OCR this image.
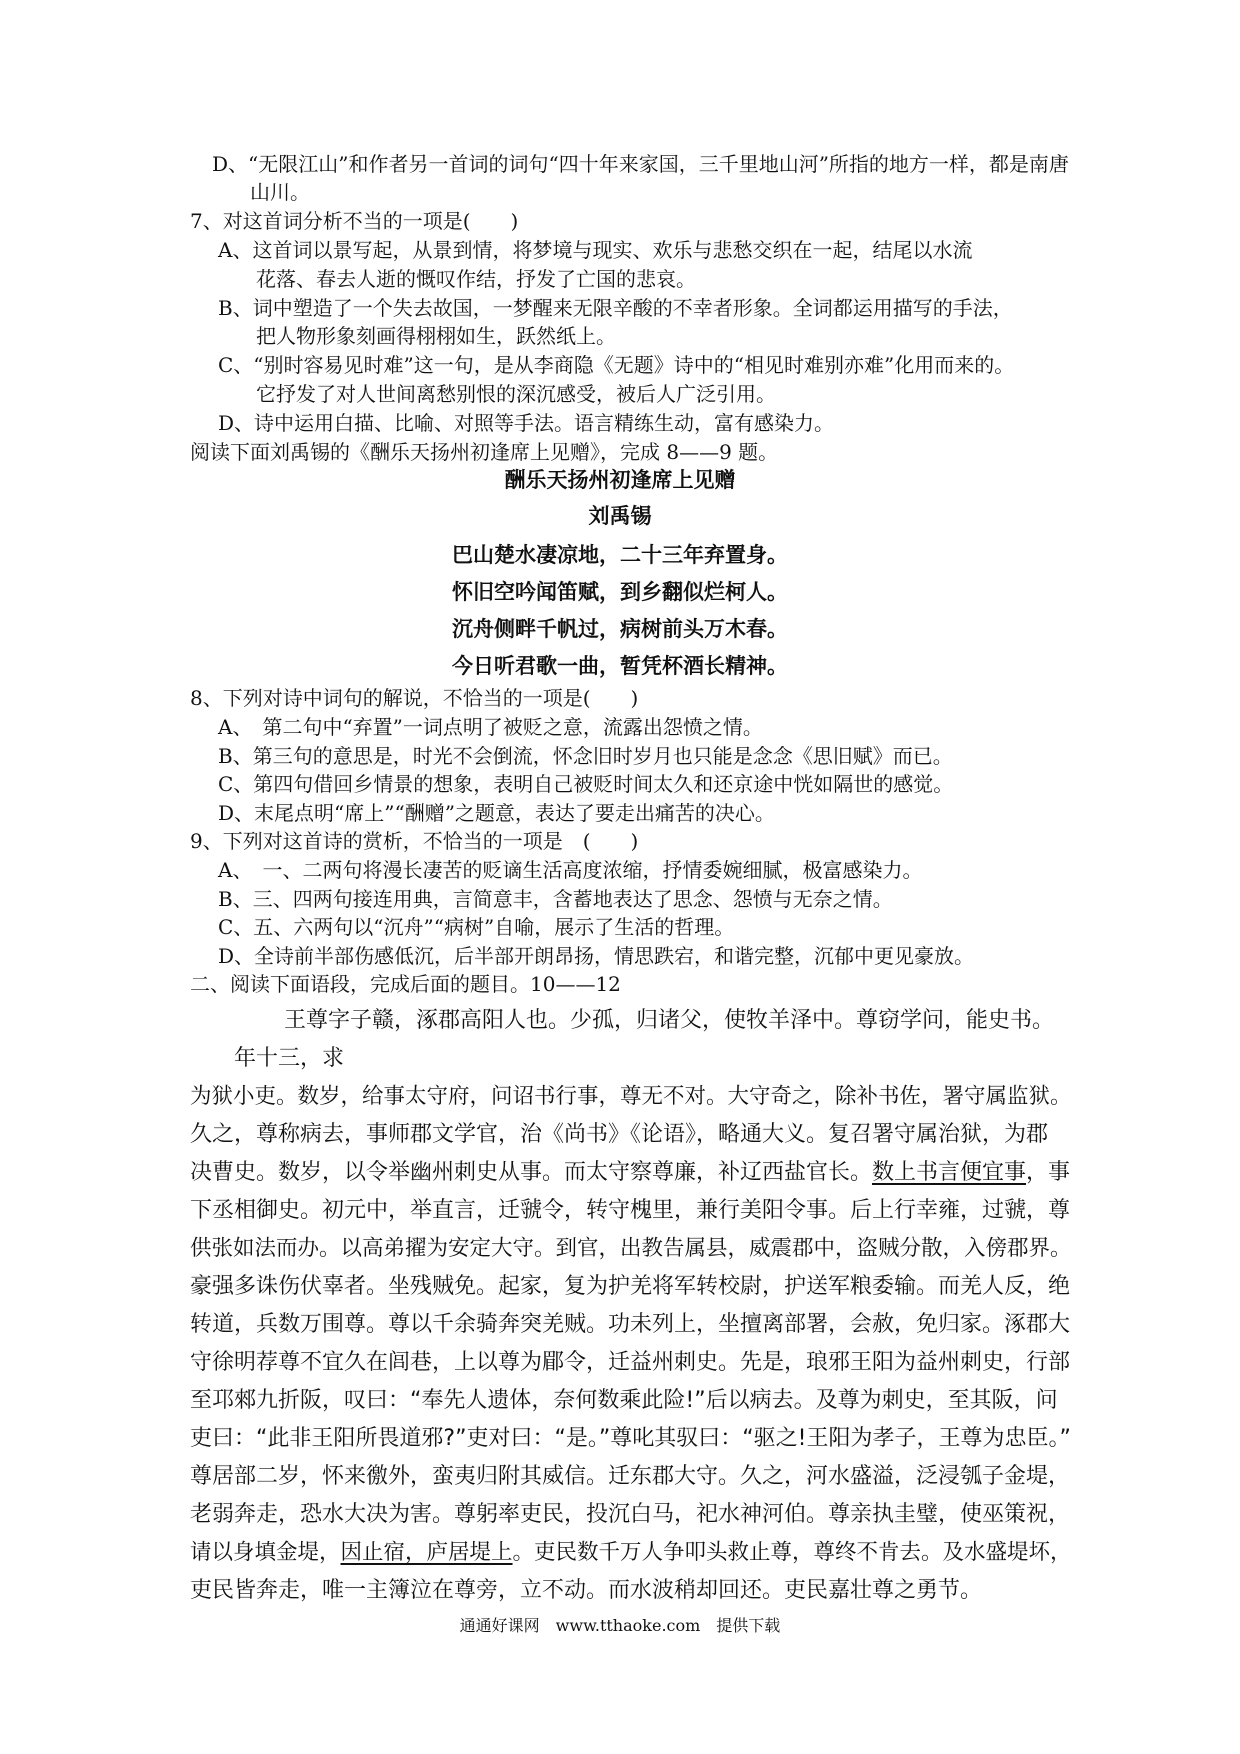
D、“无限江山”和作者另一首词的词句“四十年来家国，三千里地山河”所指的地方一样，都是南唐
山川。
7、对这首词分析不当的一项是(　　)
A、这首词以景写起，从景到情，将梦境与现实、欢乐与悲愁交织在一起，结尾以水流
花落、春去人逝的慨叹作结，抒发了亡国的悲哀。
B、词中塑造了一个失去故国，一梦醒来无限辛酸的不幸者形象。全词都运用描写的手法，
把人物形象刻画得栩栩如生，跃然纸上。
C、“别时容易见时难”这一句，是从李商隐《无题》诗中的“相见时难别亦难”化用而来的。
它抒发了对人世间离愁别恨的深沉感受，被后人广泛引用。
D、诗中运用白描、比喻、对照等手法。语言精练生动，富有感染力。
阅读下面刘禹锡的《酬乐天扬州初逢席上见赠》，完成 8——9 题。
酬乐天扬州初逢席上见赠
刘禹锡
巴山楚水凄凉地，二十三年弃置身。
怀旧空吟闻笛赋，到乡翻似烂柯人。
沉舟侧畔千帆过，病树前头万木春。
今日听君歌一曲，暂凭杯酒长精神。
8、下列对诗中词句的解说，不恰当的一项是(　　)
A、　第二句中“弃置”一词点明了被贬之意，流露出怨愤之情。
B、第三句的意思是，时光不会倒流，怀念旧时岁月也只能是念念《思旧赋》而已。
C、第四句借回乡情景的想象，表明自己被贬时间太久和还京途中恍如隔世的感觉。
D、末尾点明“席上”“酬赠”之题意，表达了要走出痛苦的决心。
9、下列对这首诗的赏析，不恰当的一项是　(　　)
A、　一、二两句将漫长凄苦的贬谪生活高度浓缩，抒情委婉细腻，极富感染力。
B、三、四两句接连用典，言简意丰，含蓄地表达了思念、怨愤与无奈之情。
C、五、六两句以“沉舟”“病树”自喻，展示了生活的哲理。
D、全诗前半部伤感低沉，后半部开朗昂扬，情思跌宕，和谐完整，沉郁中更见豪放。
二、阅读下面语段，完成后面的题目。10——12
王尊字子赣，涿郡高阳人也。少孤，归诸父，使牧羊泽中。尊窃学问，能史书。
年十三，求
为狱小吏。数岁，给事太守府，问诏书行事，尊无不对。大守奇之，除补书佐，署守属监狱。
久之，尊称病去，事师郡文学官，治《尚书》《论语》，略通大义。复召署守属治狱，为郡
决曹史。数岁，以令举幽州刺史从事。而太守察尊廉，补辽西盐官长。数上书言便宜事，事
下丞相御史。初元中，举直言，迁虢令，转守槐里，兼行美阳令事。后上行幸雍，过虢，尊
供张如法而办。以高弟擢为安定大守。到官，出教告属县，威震郡中，盗贼分散，入傍郡界。
豪强多诛伤伏辜者。坐残贼免。起家，复为护羌将军转校尉，护送军粮委输。而羌人反，绝
转道，兵数万围尊。尊以千余骑奔突羌贼。功未列上，坐擅离部署，会赦，免归家。涿郡大
守徐明荐尊不宜久在闾巷，上以尊为郿令，迁益州刺史。先是，琅邪王阳为益州刺史，行部
至邛郲九折阪，叹曰：“奉先人遗体，奈何数乘此险!”后以病去。及尊为刺史，至其阪，问
吏曰：“此非王阳所畏道邪?”吏对曰：“是。”尊叱其驭曰：“驱之!王阳为孝子，王尊为忠臣。”
尊居部二岁，怀来徼外，蛮夷归附其威信。迁东郡大守。久之，河水盛溢，泛浸瓠子金堤，
老弱奔走，恐水大决为害。尊躬率吏民，投沉白马，祀水神河伯。尊亲执圭璧，使巫策祝，
请以身填金堤，因止宿，庐居堤上。吏民数千万人争叩头救止尊，尊终不肯去。及水盛堤坏，
吏民皆奔走，唯一主簿泣在尊旁，立不动。而水波稍却回还。吏民嘉壮尊之勇节。
通通好课网　www.tthaoke.com　提供下载
